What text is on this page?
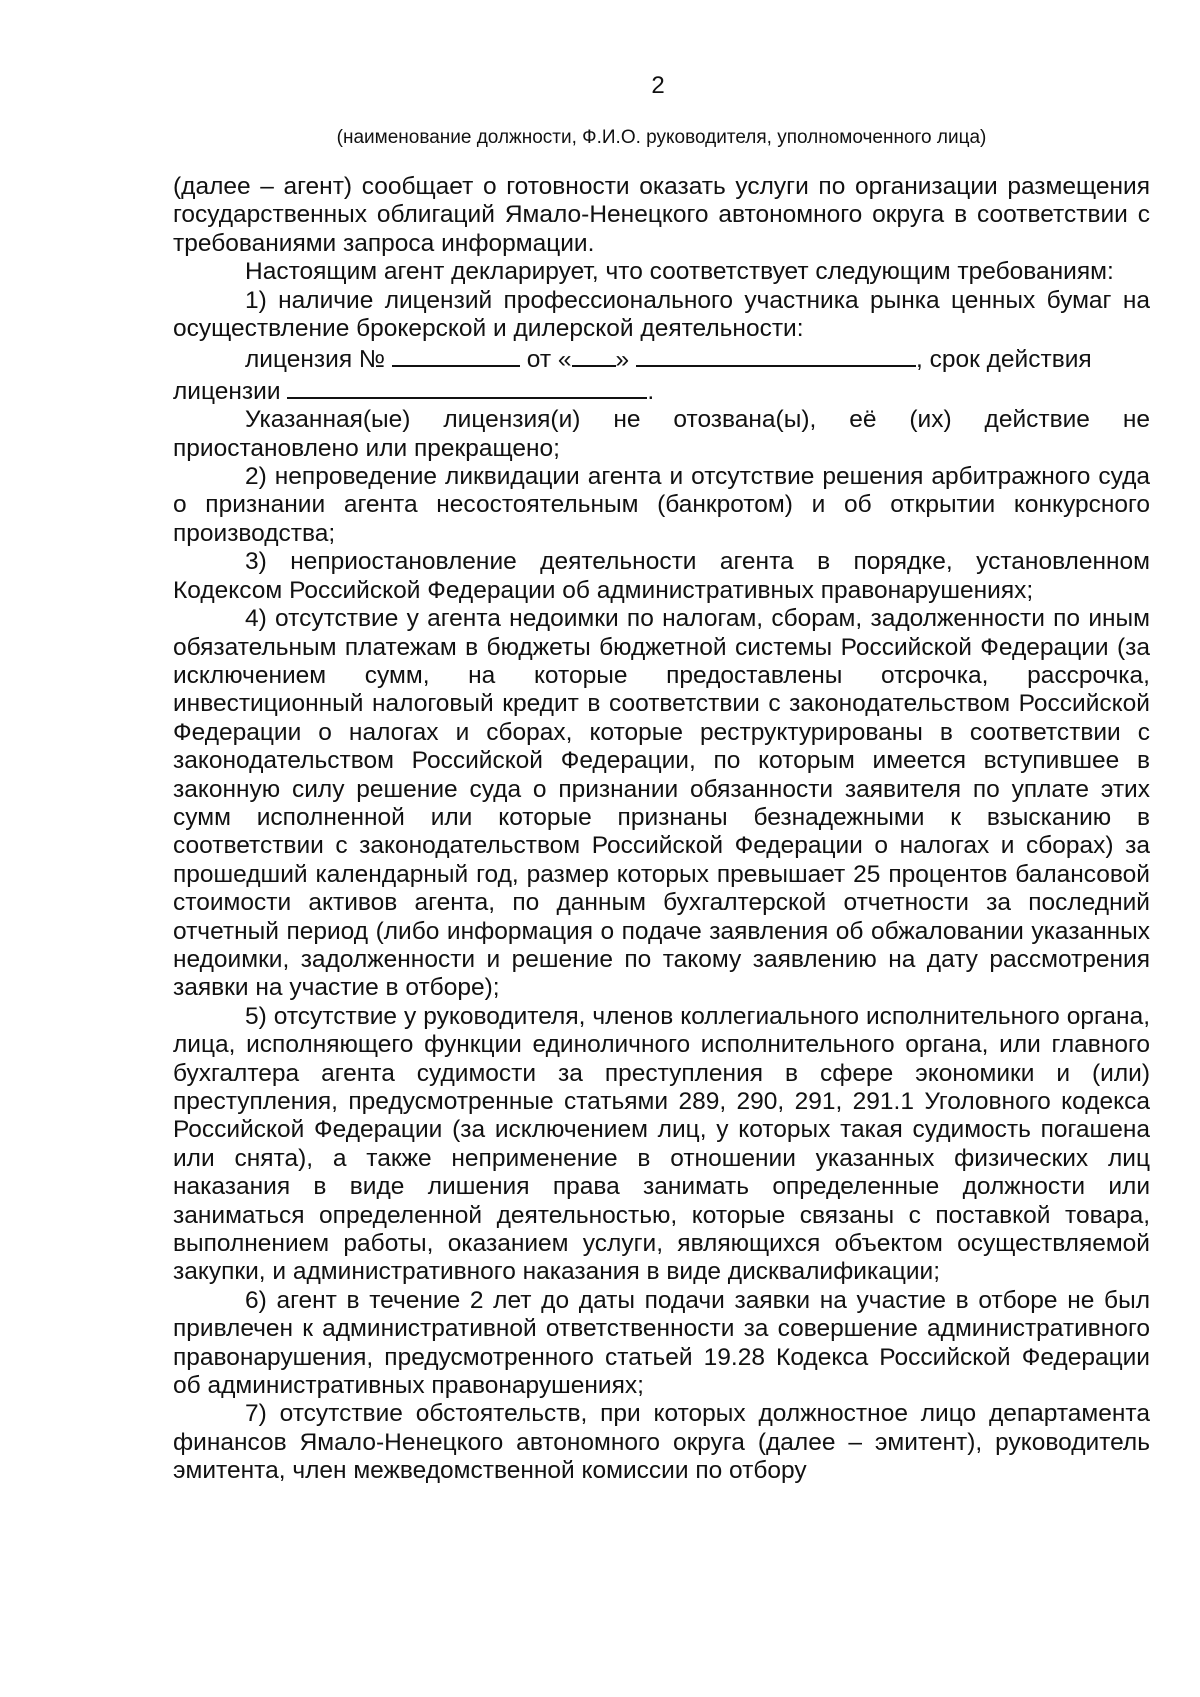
2
(наименование должности, Ф.И.О. руководителя, уполномоченного лица)

(далее – агент) сообщает о готовности оказать услуги по организации размещения государственных облигаций Ямало-Ненецкого автономного округа в соответствии с требованиями запроса информации.

Настоящим агент декларирует, что соответствует следующим требованиям:

1) наличие лицензий профессионального участника рынка ценных бумаг на осуществление брокерской и дилерской деятельности:

лицензия №	от « »	, срок действия лицензии	.

Указанная(ые) лицензия(и) не отозвана(ы), её (их) действие не приостановлено или прекращено;

2) непроведение ликвидации агента и отсутствие решения арбитражного суда о признании агента несостоятельным (банкротом) и об открытии конкурсного производства;

3) неприостановление деятельности агента в порядке, установленном Кодексом Российской Федерации об административных правонарушениях;

4) отсутствие у агента недоимки по налогам, сборам, задолженности по иным обязательным платежам в бюджеты бюджетной системы Российской Федерации (за исключением сумм, на которые предоставлены отсрочка, рассрочка, инвестиционный налоговый кредит в соответствии с законодательством Российской Федерации о налогах и сборах, которые реструктурированы в соответствии с законодательством Российской Федерации, по которым имеется вступившее в законную силу решение суда о признании обязанности заявителя по уплате этих сумм исполненной или которые признаны безнадежными к взысканию в соответствии с законодательством Российской Федерации о налогах и сборах) за прошедший календарный год, размер которых превышает 25 процентов балансовой стоимости активов агента, по данным бухгалтерской отчетности за последний отчетный период (либо информация о подаче заявления об обжаловании указанных недоимки, задолженности и решение по такому заявлению на дату рассмотрения заявки на участие в отборе);

5) отсутствие у руководителя, членов коллегиального исполнительного органа, лица, исполняющего функции единоличного исполнительного органа, или главного бухгалтера агента судимости за преступления в сфере экономики и (или) преступления, предусмотренные статьями 289, 290, 291, 291.1 Уголовного кодекса Российской Федерации (за исключением лиц, у которых такая судимость погашена или снята), а также неприменение в отношении указанных физических лиц наказания в виде лишения права занимать определенные должности или заниматься определенной деятельностью, которые связаны с поставкой товара, выполнением работы, оказанием услуги, являющихся объектом осуществляемой закупки, и административного наказания в виде дисквалификации;

6) агент в течение 2 лет до даты подачи заявки на участие в отборе не был привлечен к административной ответственности за совершение административного правонарушения, предусмотренного статьей 19.28 Кодекса Российской Федерации об административных правонарушениях;

7) отсутствие обстоятельств, при которых должностное лицо департамента финансов Ямало-Ненецкого автономного округа (далее – эмитент), руководитель эмитента, член межведомственной комиссии по отбору
